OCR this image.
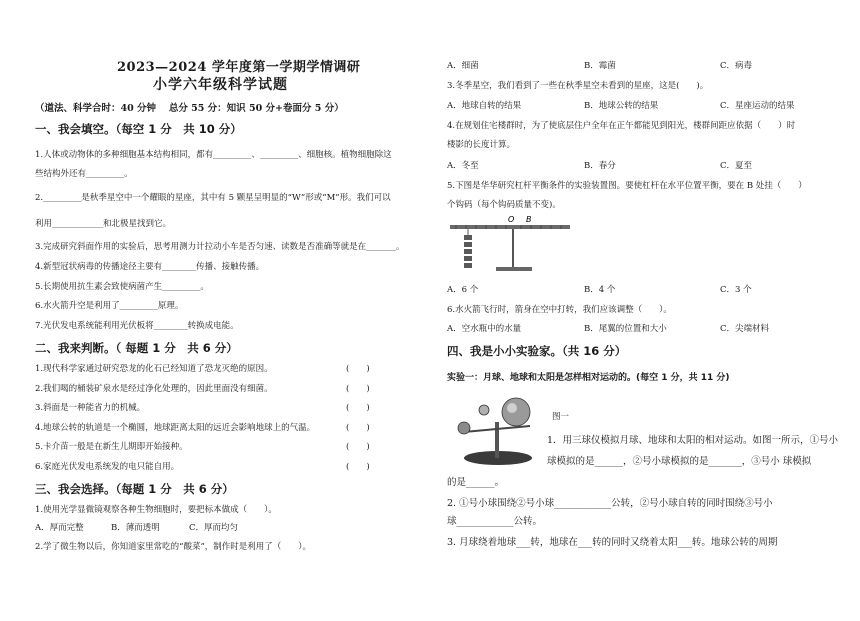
2023—2024 学年度第一学期学情调研
小学六年级科学试题
（道法、科学合时：40 分钟　 总分 55 分：知识 50 分+卷面分 5 分）
一、我会填空。（每空 1 分　共 10 分）
1.人体或动物体的多种细胞基本结构相同，都有_________、_________、细胞核。植物细胞除这
些结构外还有_________。
2._________是秋季星空中一个耀眼的星座，其中有 5 颗星呈明显的“W”形或“M”形。我们可以
利用____________和北极星找到它。
3.完成研究斜面作用的实验后，思考用测力计拉动小车是否匀速、读数是否准确等就是在_______。
4.新型冠状病毒的传播途径主要有________传播、接触传播。
5.长期使用抗生素会致使病菌产生_________。
6.水火箭升空是利用了_________原理。
7.光伏发电系统能利用光伏板将________转换成电能。
二、我来判断。（ 每题 1 分　共 6 分）
1.现代科学家通过研究恐龙的化石已经知道了恐龙灭绝的原因。	(　　)
2.我们喝的桶装矿泉水是经过净化处理的，因此里面没有细菌。	(　　)
3.斜面是一种能省力的机械。	(　　)
4.地球公转的轨道是一个椭圆，地球距离太阳的远近会影响地球上的气温。	(　　)
5.卡介苗一般是在新生儿期即开始接种。	(　　)
6.家庭光伏发电系统发的电只能自用。	(　　)
三、我会选择。（每题 1 分　共 6 分）
1.使用光学显微镜观察各种生物细胞时，要把标本做成（　　）。
A．厚而完整	B．薄而透明	C．厚而均匀
2.学了微生物以后，你知道家里常吃的“酸菜”，制作时是利用了（　　）。
A．细菌	B．霉菌	C．病毒
3.冬季星空，我们看到了一些在秋季星空未看到的星座，这是(　　)。
A．地球自转的结果	B．地球公转的结果	C．星座运动的结果
4.在规划住宅楼群时，为了使底层住户全年在正午都能见到阳光，楼群间距应依据（　　）时
楼影的长度计算。
A．冬至	B．春分	C．夏至
5.下图是华华研究杠杆平衡条件的实验装置图。要使杠杆在水平位置平衡，要在 B 处挂（　　）
个钩码（每个钩码质量不变)。
O B
A．6 个	B．4 个	C．3 个
6.水火箭飞行时，箭身在空中打转，我们应该调整（　　）。
A．空水瓶中的水量	B．尾翼的位置和大小	C．尖端材料
四、我是小小实验家。（共 16 分）
实验一：月球、地球和太阳是怎样相对运动的。(每空 1 分，共 11 分)
图一
1．用三球仪模拟月球、地球和太阳的相对运动。如图一所示，①号小
球模拟的是______，②号小球模拟的是_______，③号小 球模拟
的是______。
2. ①号小球围绕②号小球____________公转，②号小球自转的同时围绕③号小
球____________公转。
3. 月球绕着地球___转，地球在___转的同时又绕着太阳___转。地球公转的周期
